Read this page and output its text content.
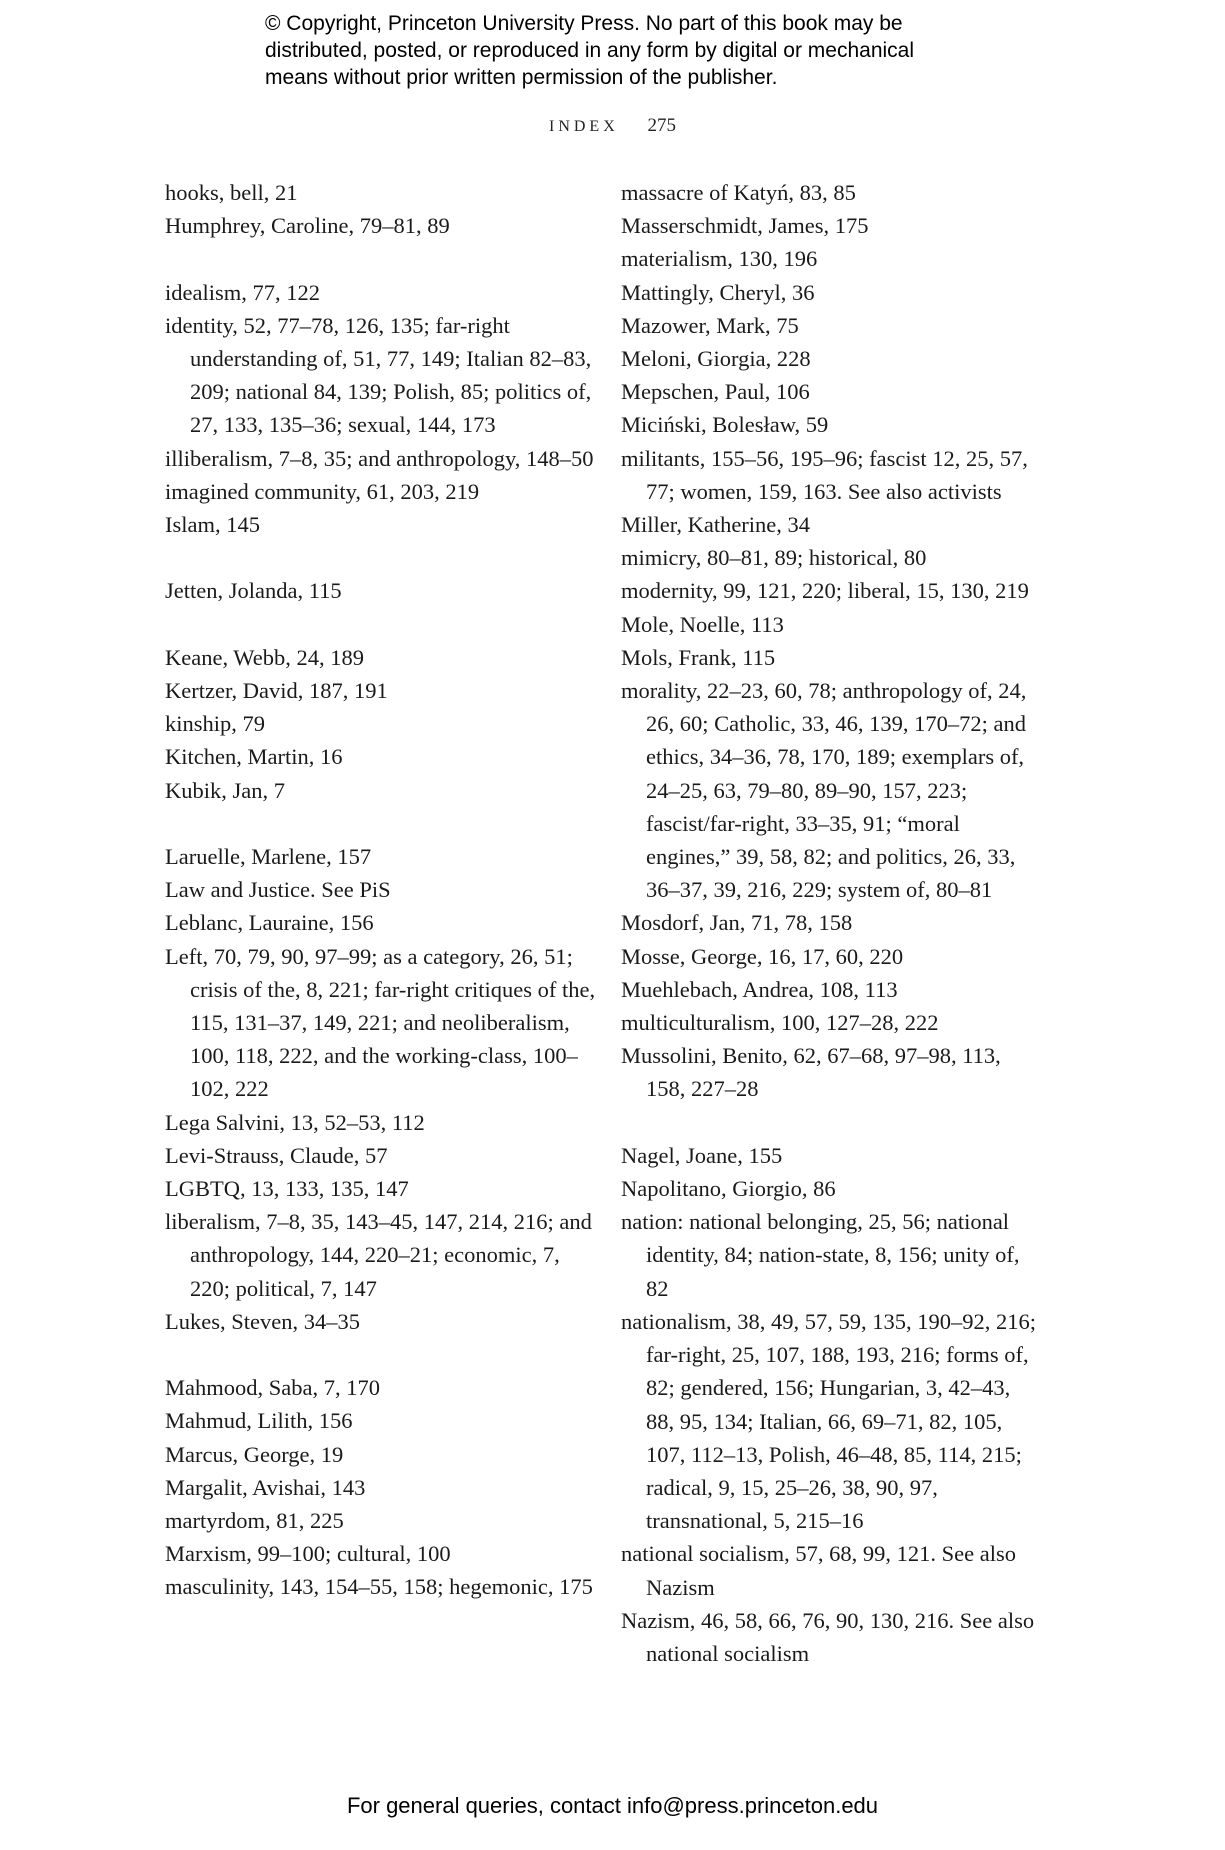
© Copyright, Princeton University Press. No part of this book may be
distributed, posted, or reproduced in any form by digital or mechanical
means without prior written permission of the publisher.
INDEX 275
hooks, bell, 21
Humphrey, Caroline, 79–81, 89
idealism, 77, 122
identity, 52, 77–78, 126, 135; far-right understanding of, 51, 77, 149; Italian 82–83, 209; national 84, 139; Polish, 85; politics of, 27, 133, 135–36; sexual, 144, 173
illiberalism, 7–8, 35; and anthropology, 148–50
imagined community, 61, 203, 219
Islam, 145
Jetten, Jolanda, 115
Keane, Webb, 24, 189
Kertzer, David, 187, 191
kinship, 79
Kitchen, Martin, 16
Kubik, Jan, 7
Laruelle, Marlene, 157
Law and Justice. See PiS
Leblanc, Lauraine, 156
Left, 70, 79, 90, 97–99; as a category, 26, 51; crisis of the, 8, 221; far-right critiques of the, 115, 131–37, 149, 221; and neoliberalism, 100, 118, 222, and the working-class, 100–102, 222
Lega Salvini, 13, 52–53, 112
Levi-Strauss, Claude, 57
LGBTQ, 13, 133, 135, 147
liberalism, 7–8, 35, 143–45, 147, 214, 216; and anthropology, 144, 220–21; economic, 7, 220; political, 7, 147
Lukes, Steven, 34–35
Mahmood, Saba, 7, 170
Mahmud, Lilith, 156
Marcus, George, 19
Margalit, Avishai, 143
martyrdom, 81, 225
Marxism, 99–100; cultural, 100
masculinity, 143, 154–55, 158; hegemonic, 175
massacre of Katyń, 83, 85
Masserschmidt, James, 175
materialism, 130, 196
Mattingly, Cheryl, 36
Mazower, Mark, 75
Meloni, Giorgia, 228
Mepschen, Paul, 106
Miciński, Bolesław, 59
militants, 155–56, 195–96; fascist 12, 25, 57, 77; women, 159, 163. See also activists
Miller, Katherine, 34
mimicry, 80–81, 89; historical, 80
modernity, 99, 121, 220; liberal, 15, 130, 219
Mole, Noelle, 113
Mols, Frank, 115
morality, 22–23, 60, 78; anthropology of, 24, 26, 60; Catholic, 33, 46, 139, 170–72; and ethics, 34–36, 78, 170, 189; exemplars of, 24–25, 63, 79–80, 89–90, 157, 223; fascist/far-right, 33–35, 91; “moral engines,” 39, 58, 82; and politics, 26, 33, 36–37, 39, 216, 229; system of, 80–81
Mosdorf, Jan, 71, 78, 158
Mosse, George, 16, 17, 60, 220
Muehlebach, Andrea, 108, 113
multiculturalism, 100, 127–28, 222
Mussolini, Benito, 62, 67–68, 97–98, 113, 158, 227–28
Nagel, Joane, 155
Napolitano, Giorgio, 86
nation: national belonging, 25, 56; national identity, 84; nation-state, 8, 156; unity of, 82
nationalism, 38, 49, 57, 59, 135, 190–92, 216; far-right, 25, 107, 188, 193, 216; forms of, 82; gendered, 156; Hungarian, 3, 42–43, 88, 95, 134; Italian, 66, 69–71, 82, 105, 107, 112–13, Polish, 46–48, 85, 114, 215; radical, 9, 15, 25–26, 38, 90, 97, transnational, 5, 215–16
national socialism, 57, 68, 99, 121. See also Nazism
Nazism, 46, 58, 66, 76, 90, 130, 216. See also national socialism
For general queries, contact info@press.princeton.edu
